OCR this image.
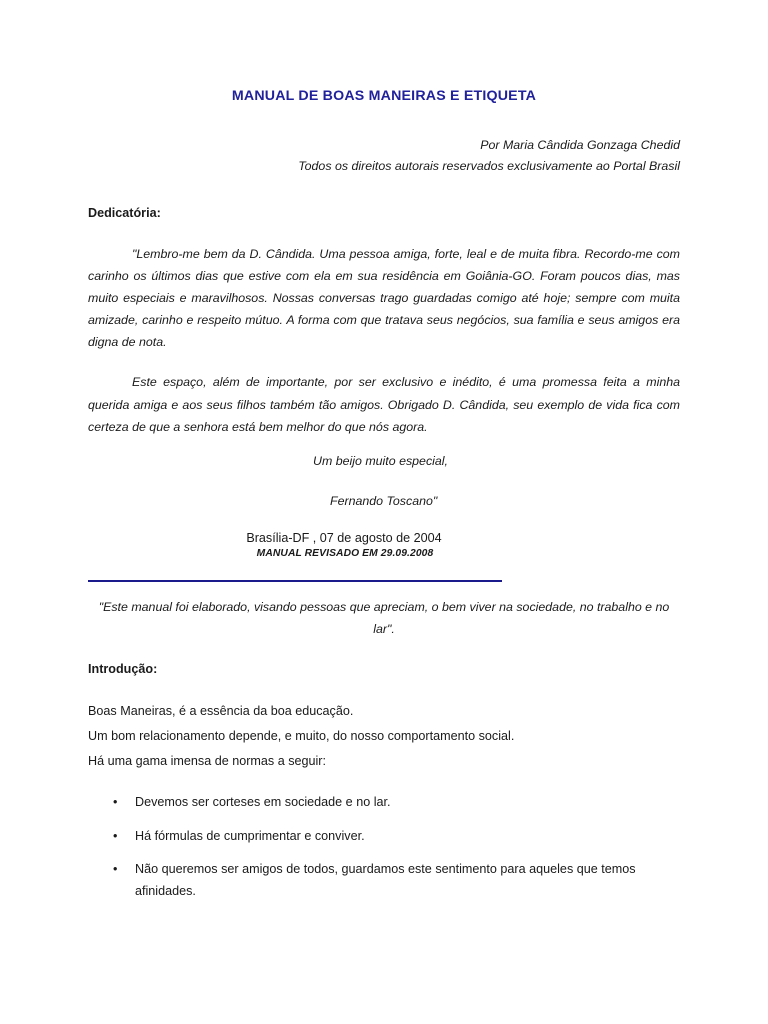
MANUAL DE BOAS MANEIRAS E ETIQUETA
Por Maria Cândida Gonzaga Chedid
Todos os direitos autorais reservados exclusivamente ao Portal Brasil
Dedicatória:

"Lembro-me bem da D. Cândida. Uma pessoa amiga, forte, leal e de muita fibra. Recordo-me com carinho os últimos dias que estive com ela em sua residência em Goiânia-GO. Foram poucos dias, mas muito especiais e maravilhosos. Nossas conversas trago guardadas comigo até hoje; sempre com muita amizade, carinho e respeito mútuo. A forma com que tratava seus negócios, sua família e seus amigos era digna de nota.

Este espaço, além de importante, por ser exclusivo e inédito, é uma promessa feita a minha querida amiga e aos seus filhos também tão amigos. Obrigado D. Cândida, seu exemplo de vida fica com certeza de que a senhora está bem melhor do que nós agora.

Um beijo muito especial,

Fernando Toscano"

Brasília-DF , 07 de agosto de 2004

MANUAL REVISADO EM 29.09.2008

"Este manual foi elaborado, visando pessoas que apreciam, o bem viver na sociedade, no trabalho e no lar".

Introdução:

Boas Maneiras, é a essência da boa educação.

Um bom relacionamento depende, e muito, do nosso comportamento social.

Há uma gama imensa de normas a seguir:

• Devemos ser corteses em sociedade e no lar.
• Há fórmulas de cumprimentar e conviver.
• Não queremos ser amigos de todos, guardamos este sentimento para aqueles que temos afinidades.
